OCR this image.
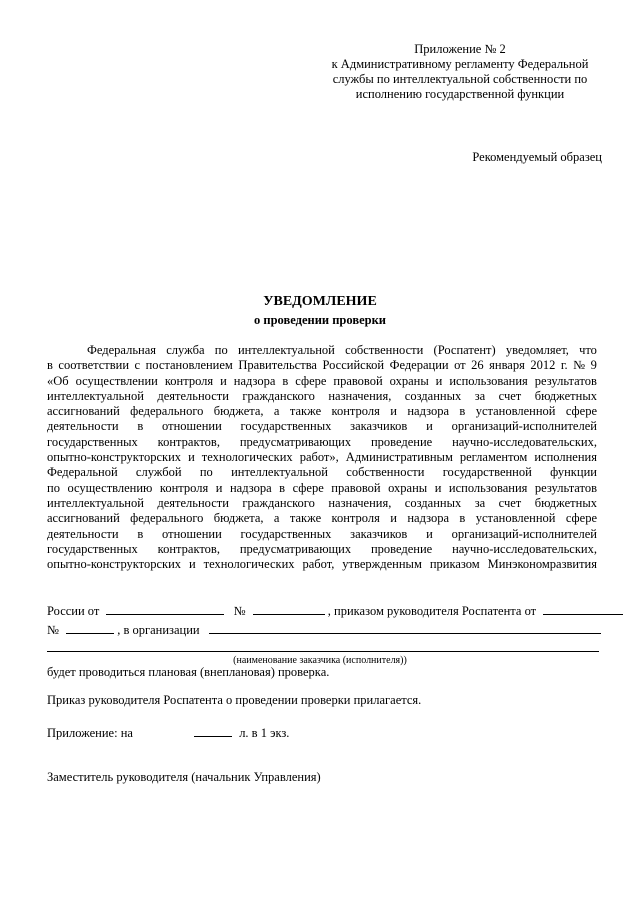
Приложение № 2
к Административному регламенту Федеральной
службы по интеллектуальной собственности по
исполнению государственной функции
Рекомендуемый образец
УВЕДОМЛЕНИЕ
о проведении проверки
Федеральная служба по интеллектуальной собственности (Роспатент) уведомляет, что
в соответствии с постановлением Правительства Российской Федерации от 26 января 2012 г. № 9
«Об осуществлении контроля и надзора в сфере правовой охраны и использования результатов
интеллектуальной деятельности гражданского назначения, созданных за счет бюджетных
ассигнований федерального бюджета, а также контроля и надзора в установленной сфере
деятельности в отношении государственных заказчиков и организаций-исполнителей
государственных контрактов, предусматривающих проведение научно-исследовательских,
опытно-конструкторских и технологических работ», Административным регламентом исполнения
Федеральной службой по интеллектуальной собственности государственной функции
по осуществлению контроля и надзора в сфере правовой охраны и использования результатов
интеллектуальной деятельности гражданского назначения, созданных за счет бюджетных
ассигнований федерального бюджета, а также контроля и надзора в установленной сфере
деятельности в отношении государственных заказчиков и организаций-исполнителей
государственных контрактов, предусматривающих проведение научно-исследовательских,
опытно-конструкторских и технологических работ, утвержденным приказом Минэкономразвития
России от	№	, приказом руководителя Роспатента от
№	, в организации
(наименование заказчика (исполнителя))
будет проводиться плановая (внеплановая) проверка.
Приказ руководителя Роспатента о проведении проверки прилагается.
Приложение: на	л. в 1 экз.
Заместитель руководителя (начальник Управления)
